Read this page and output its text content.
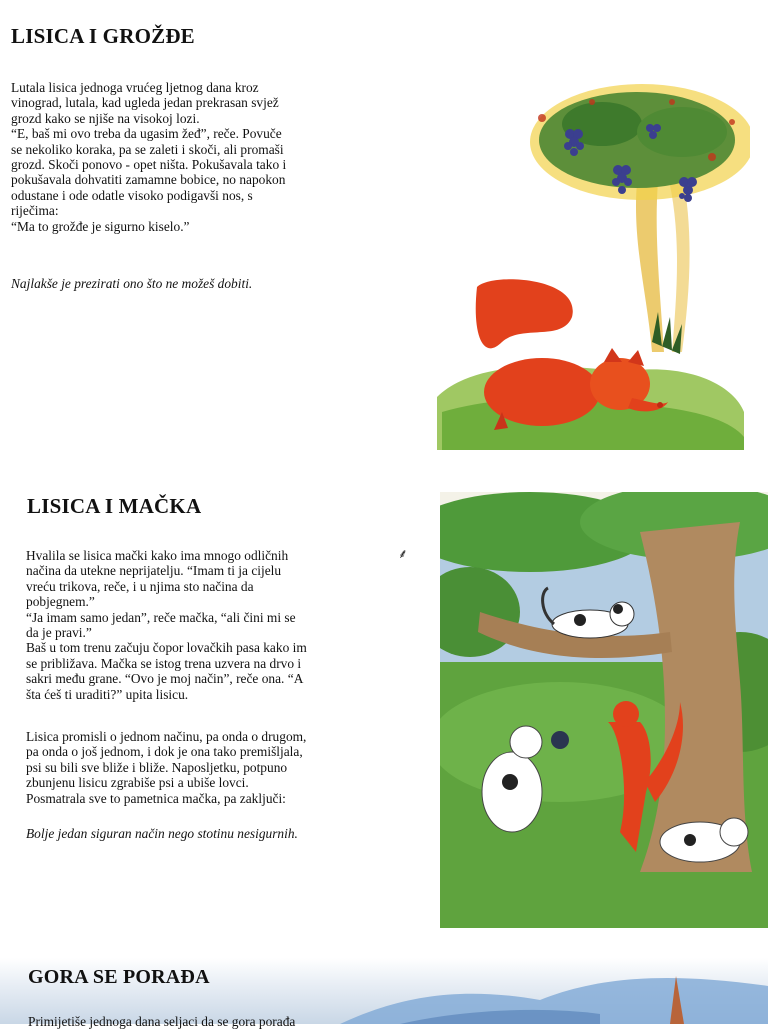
LISICA I GROŽĐE

Lutala lisica jednoga vrućeg ljetnog dana kroz

vinograd, lutala, kad ugleda jedan prekrasan svjež

grozd kako se njiše na visokoj lozi.

“E, baš mi ovo treba da ugasim žeđ”, reče. Povuče

se nekoliko koraka, pa se zaleti i skoči, ali promaši

grozd. Skoči ponovo - opet ništa. Pokušavala tako i

pokušavala dohvatiti zamamne bobice, no napokon

odustane i ode odatle visoko podigavši nos, s

riječima:

“Ma to grožđe je sigurno kiselo.”

Najlakše je prezirati ono što ne možeš dobiti.

LISICA I MAČKA

Hvalila se lisica mački kako ima mnogo odličnih

načina da utekne neprijatelju. “Imam ti ja cijelu

vreću trikova, reče, i u njima sto načina da

pobjegnem.”

“Ja imam samo jedan”, reče mačka, “ali čini mi se

da je pravi.”

Baš u tom trenu začuju čopor lovačkih pasa kako im

se približava. Mačka se istog trena uzvera na drvo i

sakri među grane. “Ovo je moj način”, reče ona. “A

šta ćeš ti uraditi?” upita lisicu.

Lisica promisli o jednom načinu, pa onda o drugom,

pa onda o još jednom, i dok je ona tako premišljala,

psi su bili sve bliže i bliže. Naposljetku, potpuno

zbunjenu lisicu zgrabiše psi a ubiše lovci.

Posmatrala sve to pametnica mačka, pa zaključi:

Bolje jedan siguran način nego stotinu nesigurnih.

⸙
GORA SE PORAĐA

Primijetiše jednoga dana seljaci da se gora porađa
